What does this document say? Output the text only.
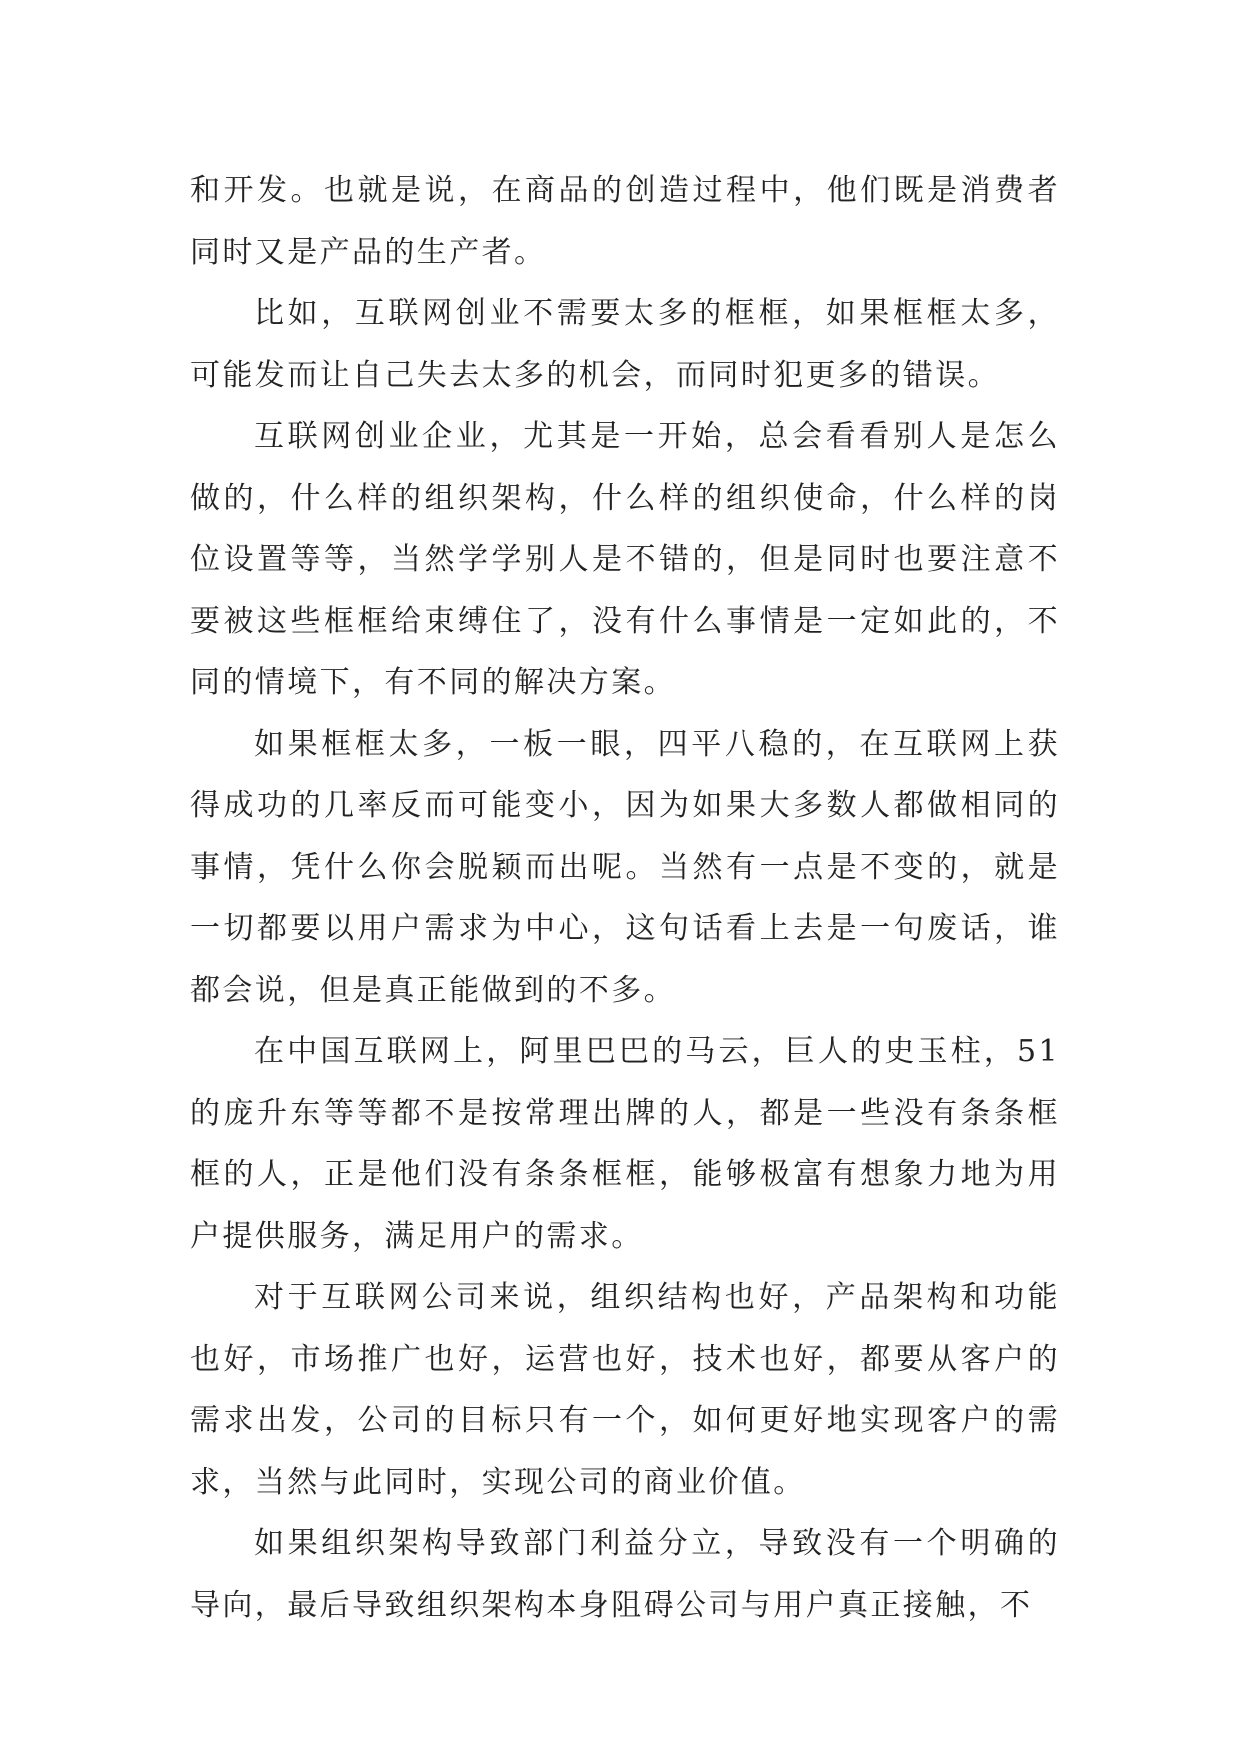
和开发。也就是说，在商品的创造过程中，他们既是消费者同时又是产品的生产者。

比如，互联网创业不需要太多的框框，如果框框太多，可能发而让自己失去太多的机会，而同时犯更多的错误。

互联网创业企业，尤其是一开始，总会看看别人是怎么做的，什么样的组织架构，什么样的组织使命，什么样的岗位设置等等，当然学学别人是不错的，但是同时也要注意不要被这些框框给束缚住了，没有什么事情是一定如此的，不同的情境下，有不同的解决方案。

如果框框太多，一板一眼，四平八稳的，在互联网上获得成功的几率反而可能变小，因为如果大多数人都做相同的事情，凭什么你会脱颖而出呢。当然有一点是不变的，就是一切都要以用户需求为中心，这句话看上去是一句废话，谁都会说，但是真正能做到的不多。

在中国互联网上，阿里巴巴的马云，巨人的史玉柱，51的庞升东等等都不是按常理出牌的人，都是一些没有条条框框的人，正是他们没有条条框框，能够极富有想象力地为用户提供服务，满足用户的需求。

对于互联网公司来说，组织结构也好，产品架构和功能也好，市场推广也好，运营也好，技术也好，都要从客户的需求出发，公司的目标只有一个，如何更好地实现客户的需求，当然与此同时，实现公司的商业价值。

如果组织架构导致部门利益分立，导致没有一个明确的导向，最后导致组织架构本身阻碍公司与用户真正接触，不
